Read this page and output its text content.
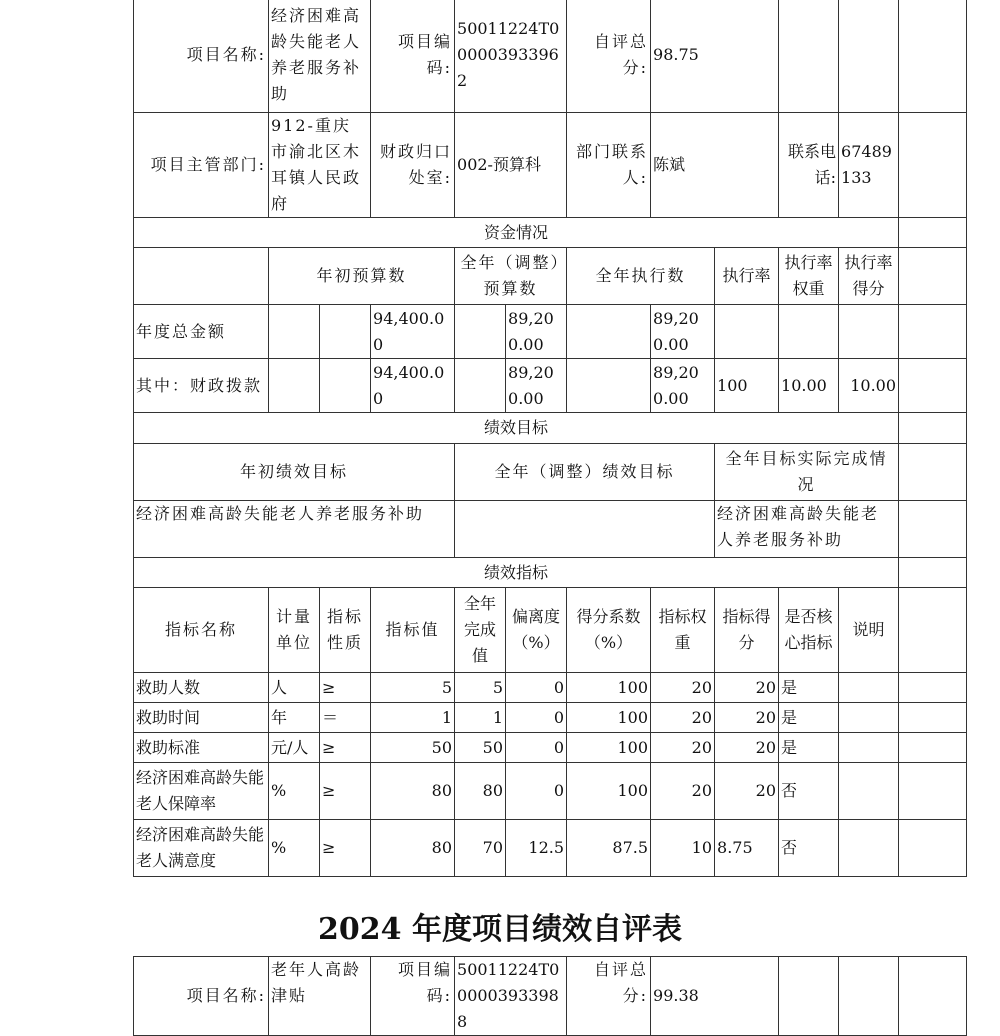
项目名称:	经济困难高龄失能老人养老服务补助		项目编码:	50011224T000003933962		自评总分:	98.75				
项目主管部门:	912-重庆市渝北区木耳镇人民政府		财政归口处室:	002-预算科		部门联系人:	陈斌		联系电话:	67489133	
资金情况											
	年初预算数			全年（调整）预算数		全年执行数		执行率	执行率权重	执行率得分	
年度总金额			94,400.00		89,200.00		89,200.00				
其中：财政拨款			94,400.00		89,200.00		89,200.00	100	10.00	10.00	
绩效目标											
年初绩效目标				全年（调整）绩效目标				全年目标实际完成情况			
经济困难高龄失能老人养老服务补助								经济困难高龄失能老人养老服务补助			
绩效指标											
指标名称	计量单位	指标性质	指标值	全年完成值	偏离度（%）	得分系数（%）	指标权重	指标得分	是否核心指标	说明	
救助人数	人	≥	5	5	0	100	20	20	是		
救助时间	年	＝	1	1	0	100	20	20	是		
救助标准	元/人	≥	50	50	0	100	20	20	是		
经济困难高龄失能老人保障率	%	≥	80	80	0	100	20	20	否		
经济困难高龄失能老人满意度	%	≥	80	70	12.5	87.5	10	8.75	否		
2024 年度项目绩效自评表
项目名称:	老年人高龄津贴	项目编码:	50011224T000003933988	自评总分:	99.38			
